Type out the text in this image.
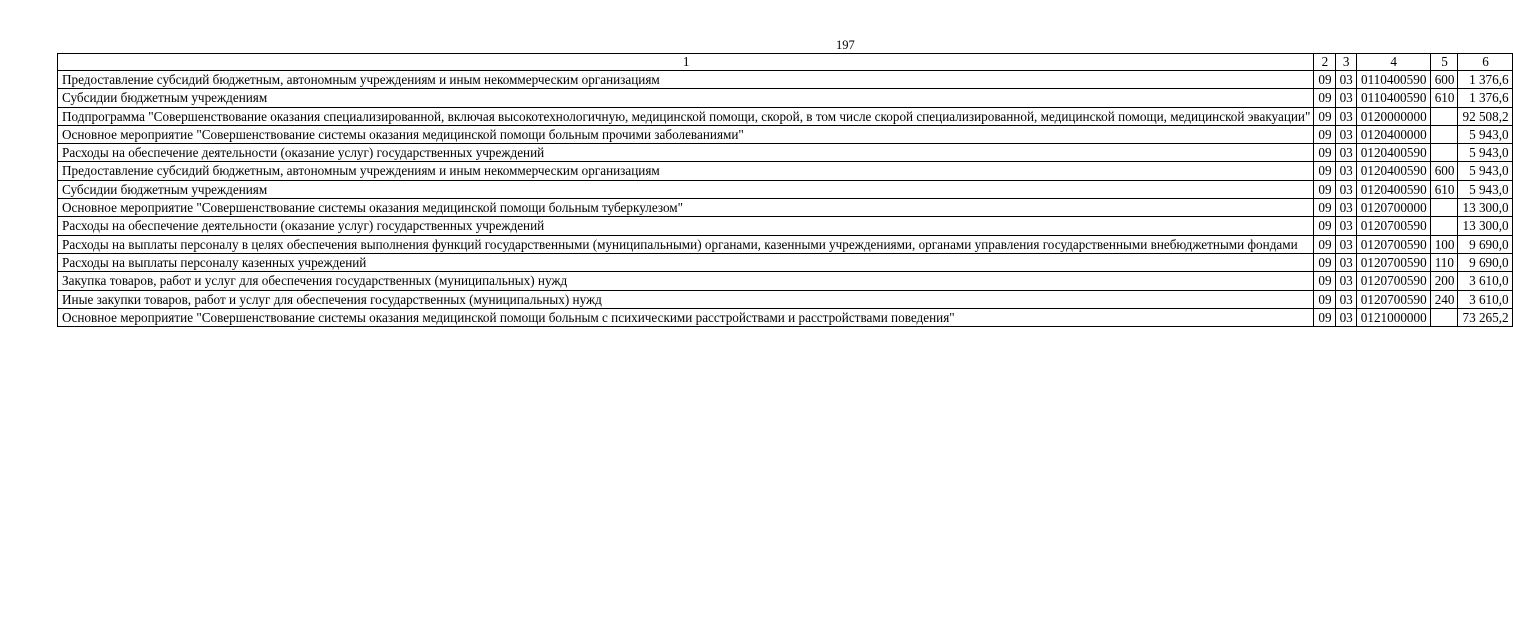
197
1	2	3	4	5	6
Предоставление субсидий бюджетным, автономным учреждениям и иным некоммерческим организациям	09	03	0110400590	600	1 376,6
Субсидии бюджетным учреждениям	09	03	0110400590	610	1 376,6
Подпрограмма "Совершенствование оказания специализированной, включая высокотехнологичную, медицинской помощи, скорой, в том числе скорой специализированной, медицинской помощи, медицинской эвакуации"	09	03	0120000000		92 508,2
Основное мероприятие "Совершенствование системы оказания медицинской помощи больным прочими заболеваниями"	09	03	0120400000		5 943,0
Расходы на обеспечение деятельности (оказание услуг) государственных учреждений	09	03	0120400590		5 943,0
Предоставление субсидий бюджетным, автономным учреждениям и иным некоммерческим организациям	09	03	0120400590	600	5 943,0
Субсидии бюджетным учреждениям	09	03	0120400590	610	5 943,0
Основное мероприятие "Совершенствование системы оказания медицинской помощи больным туберкулезом"	09	03	0120700000		13 300,0
Расходы на обеспечение деятельности (оказание услуг) государственных учреждений	09	03	0120700590		13 300,0
Расходы на выплаты персоналу в целях обеспечения выполнения функций государственными (муниципальными) органами, казенными учреждениями, органами управления государственными внебюджетными фондами	09	03	0120700590	100	9 690,0
Расходы на выплаты персоналу казенных учреждений	09	03	0120700590	110	9 690,0
Закупка товаров, работ и услуг для обеспечения государственных (муниципальных) нужд	09	03	0120700590	200	3 610,0
Иные закупки товаров, работ и услуг для обеспечения государственных (муниципальных) нужд	09	03	0120700590	240	3 610,0
Основное мероприятие "Совершенствование системы оказания медицинской помощи больным с психическими расстройствами и расстройствами поведения"	09	03	0121000000		73 265,2
